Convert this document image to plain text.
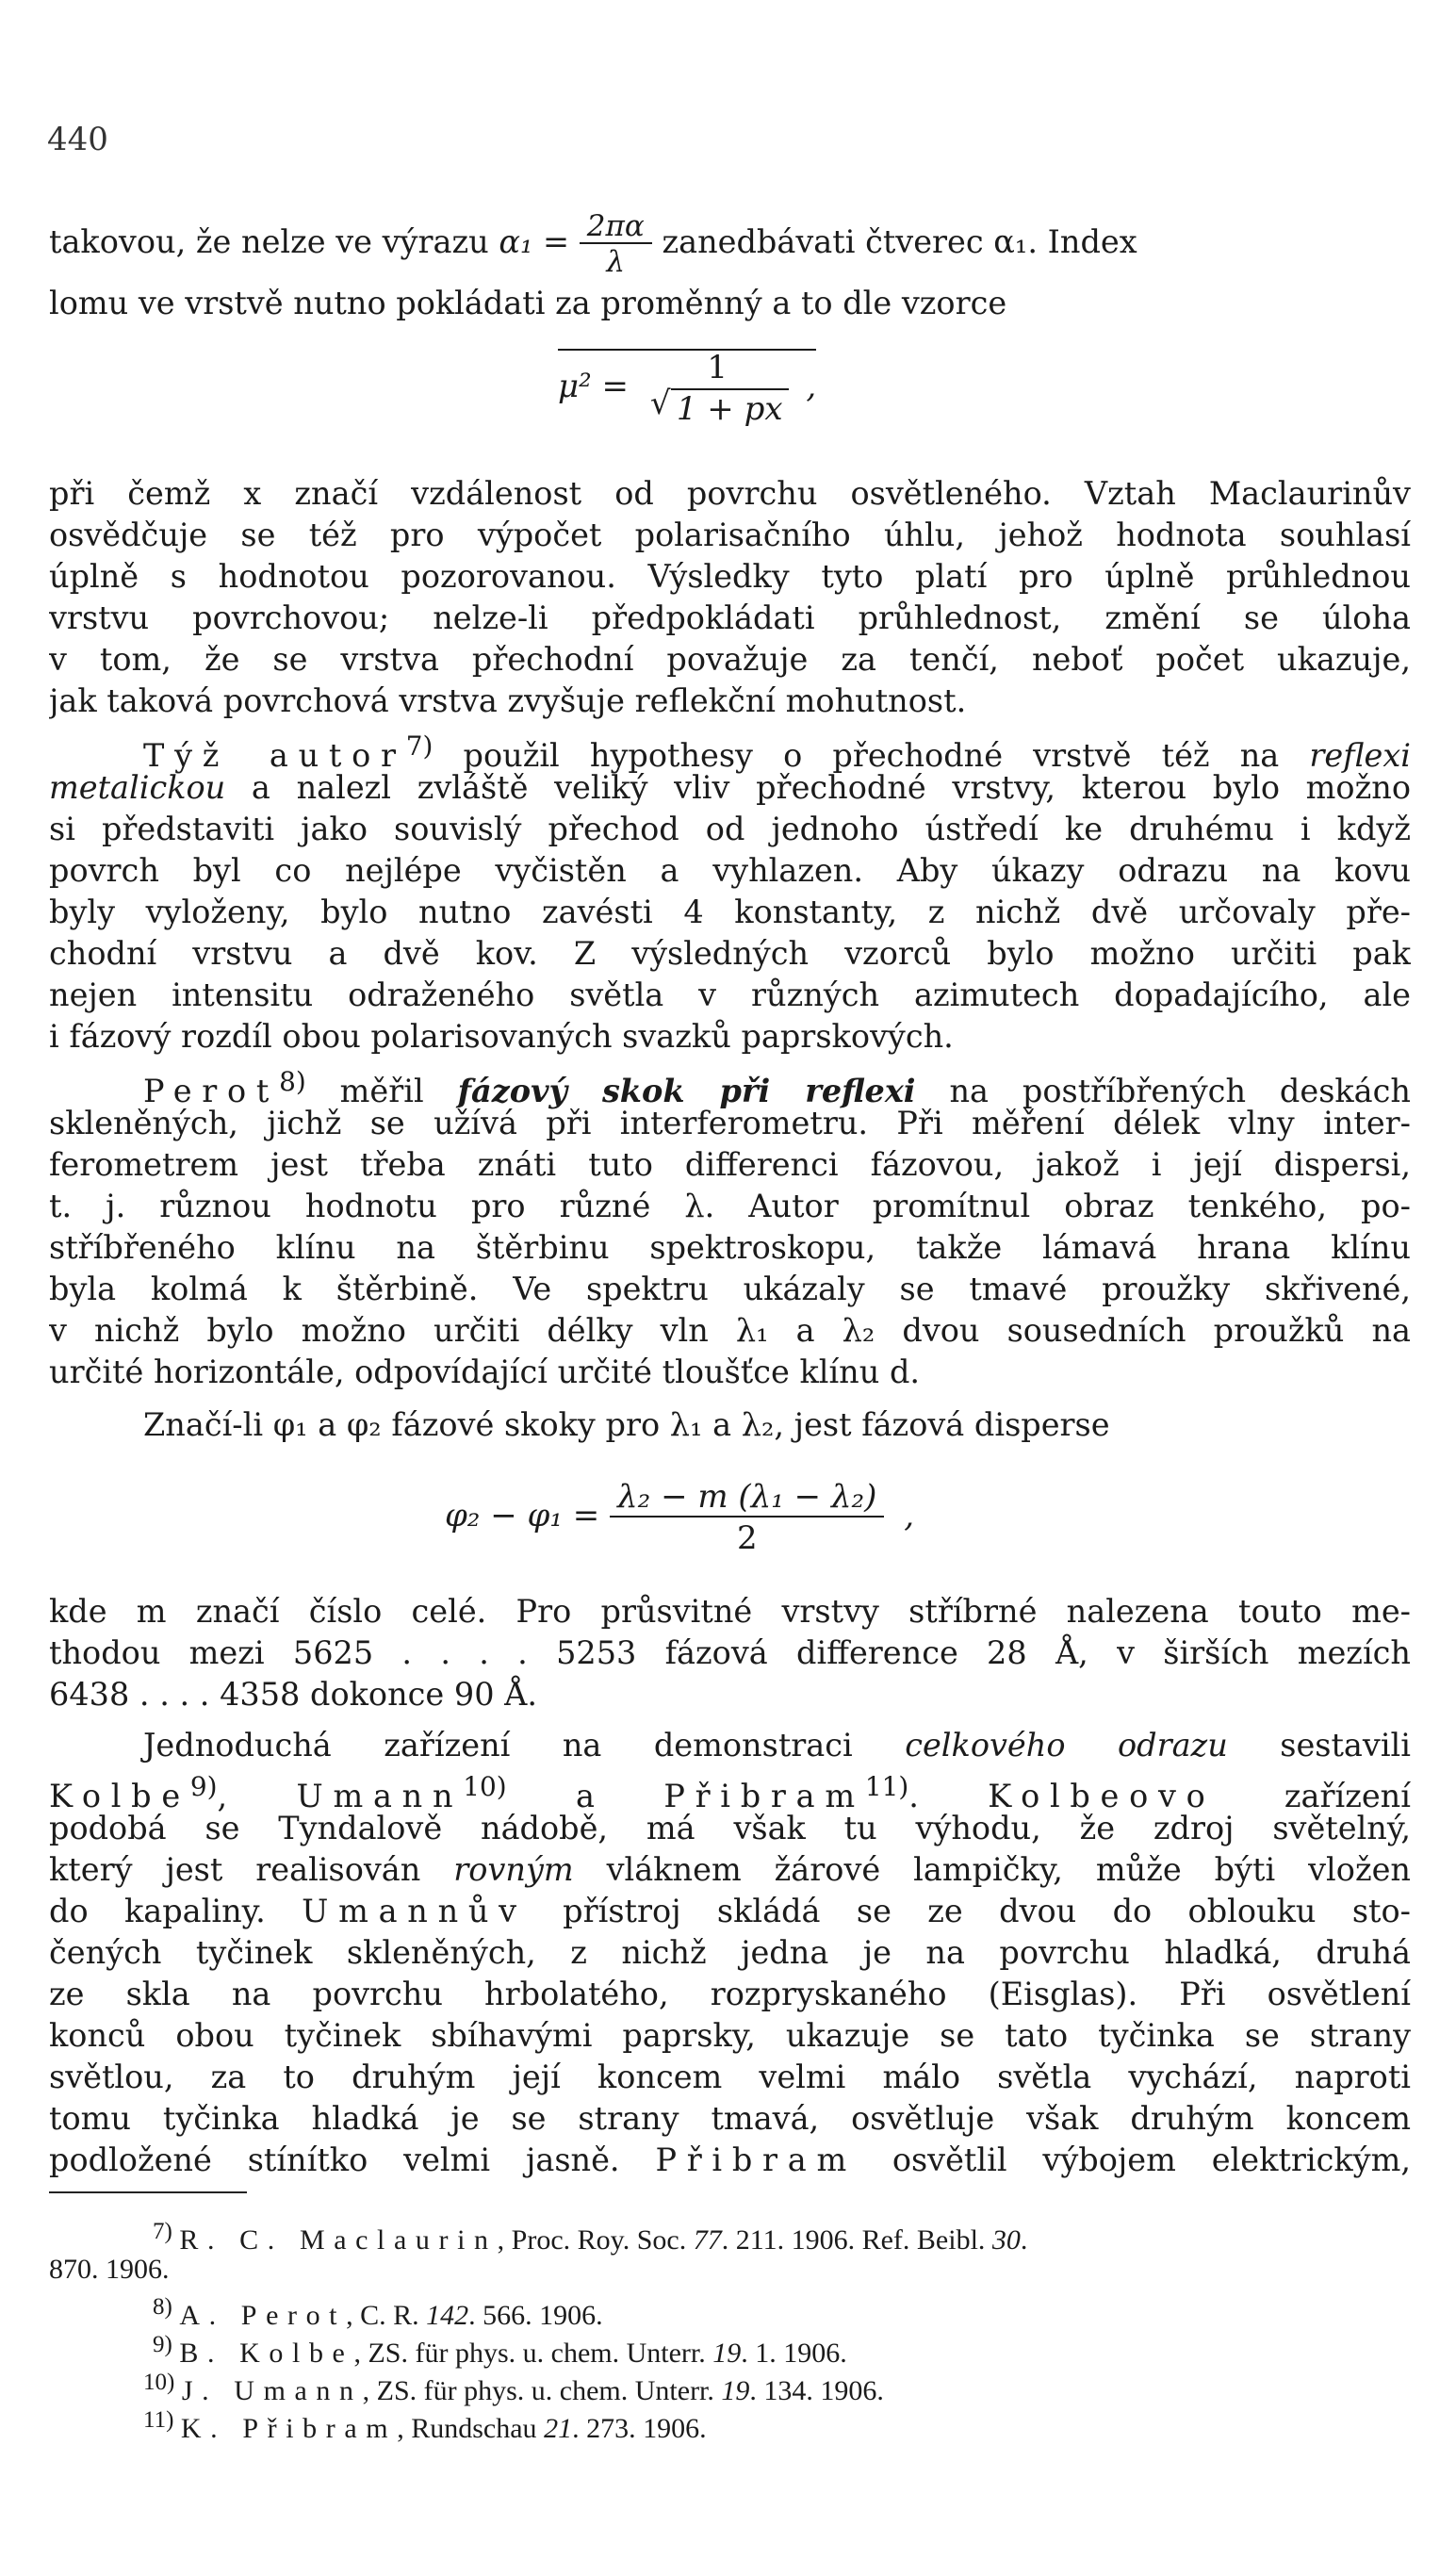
440
takovou, že nelze ve výrazu $\alpha_1 = \frac{2\pi\alpha}{\lambda}$ zanedbávati čtverec α₁. Index
lomu ve vrstvě nutno pokládati za proměnný a to dle vzorce
μ² =	1
√ 1 + px
,
při čemž x značí vzdálenost od povrchu osvětleného. Vztah Maclaurinův
osvědčuje se též pro výpočet polarisačního úhlu, jehož hodnota souhlasí
úplně s hodnotou pozorovanou. Výsledky tyto platí pro úplně průhlednou
vrstvu povrchovou; nelze-li předpokládati průhlednost, změní se úloha
v tom, že se vrstva přechodní považuje za tenčí, neboť počet ukazuje,
jak taková povrchová vrstva zvyšuje reflekční mohutnost.
Týž autor$^{7)}$ použil hypothesy o přechodné vrstvě též na reflexi
metalickou a nalezl zvláště veliký vliv přechodné vrstvy, kterou bylo možno
si představiti jako souvislý přechod od jednoho ústředí ke druhému i když
povrch byl co nejlépe vyčistěn a vyhlazen. Aby úkazy odrazu na kovu
byly vyloženy, bylo nutno zavésti 4 konstanty, z nichž dvě určovaly pře-
chodní vrstvu a dvě kov. Z výsledných vzorců bylo možno určiti pak
nejen intensitu odraženého světla v různých azimutech dopadajícího, ale
i fázový rozdíl obou polarisovaných svazků paprskových.
Perot$^{8)}$ měřil fázový skok při reflexi na postříbřených deskách
skleněných, jichž se užívá při interferometru. Při měření délek vlny inter-
ferometrem jest třeba znáti tuto differenci fázovou, jakož i její dispersi,
t. j. různou hodnotu pro různé λ. Autor promítnul obraz tenkého, po-
stříbřeného klínu na štěrbinu spektroskopu, takže lámavá hrana klínu
byla kolmá k štěrbině. Ve spektru ukázaly se tmavé proužky skřivené,
v nichž bylo možno určiti délky vln λ₁ a λ₂ dvou sousedních proužků na
určité horizontále, odpovídající určité tloušťce klínu d.
Značí-li φ₁ a φ₂ fázové skoky pro λ₁ a λ₂, jest fázová disperse
$\varphi_2 - \varphi_1 = \frac{\text{λ₂ − m (λ₁ − λ₂)}}{2}$ ,
kde m značí číslo celé. Pro průsvitné vrstvy stříbrné nalezena touto me-
thodou mezi 5625 . . . . 5253 fázová difference 28 Å, v širších mezích
6438 . . . . 4358 dokonce 90 Å.
Jednoduchá zařízení na demonstraci celkového odrazu sestavili
Kolbe$^{9)}$, Umann$^{10)}$ a Přibram$^{11)}$. Kolbeovo zařízení
podobá se Tyndalově nádobě, má však tu výhodu, že zdroj světelný,
který jest realisován rovným vláknem žárové lampičky, může býti vložen
do kapaliny. Umannův přístroj skládá se ze dvou do oblouku sto-
čených tyčinek skleněných, z nichž jedna je na povrchu hladká, druhá
ze skla na povrchu hrbolatého, rozpryskaného (Eisglas). Při osvětlení
konců obou tyčinek sbíhavými paprsky, ukazuje se tato tyčinka se strany
světlou, za to druhým její koncem velmi málo světla vychází, naproti
tomu tyčinka hladká je se strany tmavá, osvětluje však druhým koncem
podložené stínítko velmi jasně. Přibram osvětlil výbojem elektrickým,
$^{7)}$ R. C. Maclaurin, Proc. Roy. Soc. 77. 211. 1906. Ref. Beibl. 30.
870. 1906.
$^{8)}$ A. Perot, C. R. 142. 566. 1906.
$^{9)}$ B. Kolbe, ZS. für phys. u. chem. Unterr. 19. 1. 1906.
$^{10)}$ J. Umann, ZS. für phys. u. chem. Unterr. 19. 134. 1906.
$^{11)}$ K. Přibram, Rundschau 21. 273. 1906.
